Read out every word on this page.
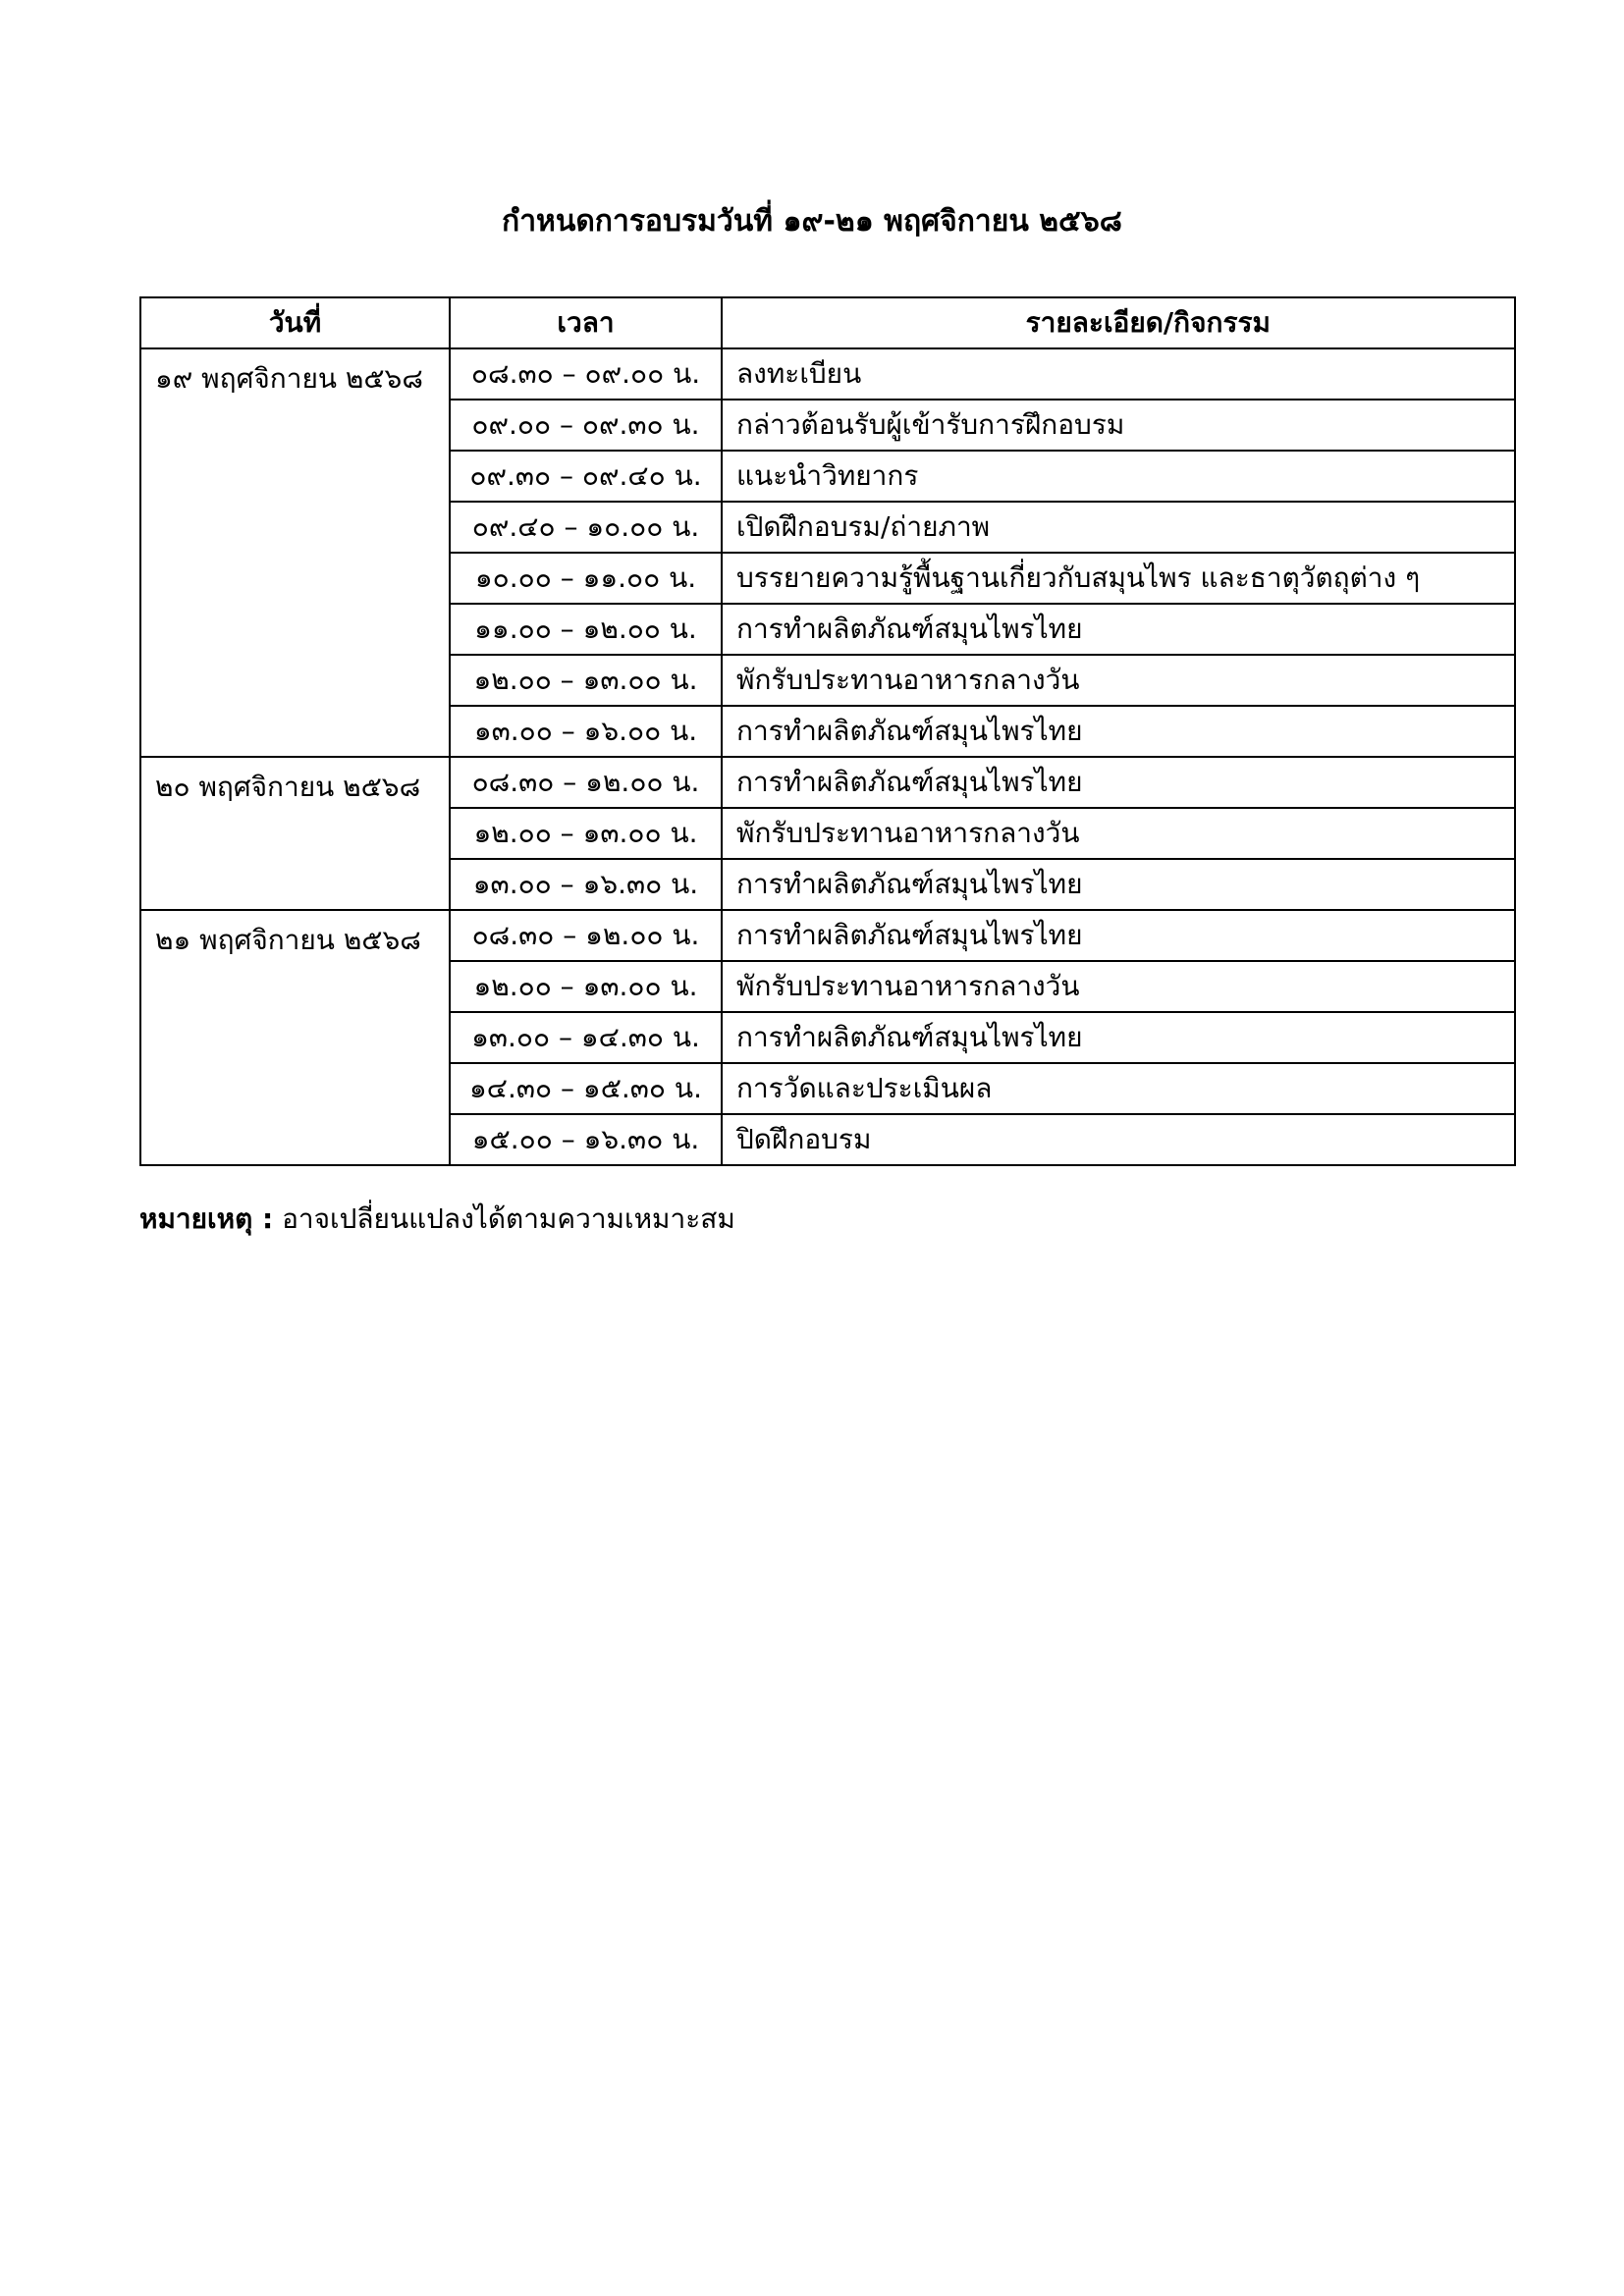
กำหนดการอบรมวันที่ ๑๙-๒๑ พฤศจิกายน ๒๕๖๘
วันที่	เวลา	รายละเอียด/กิจกรรม
๑๙ พฤศจิกายน ๒๕๖๘	๐๘.๓๐ – ๐๙.๐๐ น.	ลงทะเบียน
	๐๙.๐๐ – ๐๙.๓๐ น.	กล่าวต้อนรับผู้เข้ารับการฝึกอบรม
	๐๙.๓๐ – ๐๙.๔๐ น.	แนะนำวิทยากร
	๐๙.๔๐ – ๑๐.๐๐ น.	เปิดฝึกอบรม/ถ่ายภาพ
	๑๐.๐๐ – ๑๑.๐๐ น.	บรรยายความรู้พื้นฐานเกี่ยวกับสมุนไพร และธาตุวัตถุต่าง ๆ
	๑๑.๐๐ – ๑๒.๐๐ น.	การทำผลิตภัณฑ์สมุนไพรไทย
	๑๒.๐๐ – ๑๓.๐๐ น.	พักรับประทานอาหารกลางวัน
	๑๓.๐๐ – ๑๖.๐๐ น.	การทำผลิตภัณฑ์สมุนไพรไทย
๒๐ พฤศจิกายน ๒๕๖๘	๐๘.๓๐ – ๑๒.๐๐ น.	การทำผลิตภัณฑ์สมุนไพรไทย
	๑๒.๐๐ – ๑๓.๐๐ น.	พักรับประทานอาหารกลางวัน
	๑๓.๐๐ – ๑๖.๓๐ น.	การทำผลิตภัณฑ์สมุนไพรไทย
๒๑ พฤศจิกายน ๒๕๖๘	๐๘.๓๐ – ๑๒.๐๐ น.	การทำผลิตภัณฑ์สมุนไพรไทย
	๑๒.๐๐ – ๑๓.๐๐ น.	พักรับประทานอาหารกลางวัน
	๑๓.๐๐ – ๑๔.๓๐ น.	การทำผลิตภัณฑ์สมุนไพรไทย
	๑๔.๓๐ – ๑๕.๓๐ น.	การวัดและประเมินผล
	๑๕.๐๐ – ๑๖.๓๐ น.	ปิดฝึกอบรม
หมายเหตุ : อาจเปลี่ยนแปลงได้ตามความเหมาะสม
